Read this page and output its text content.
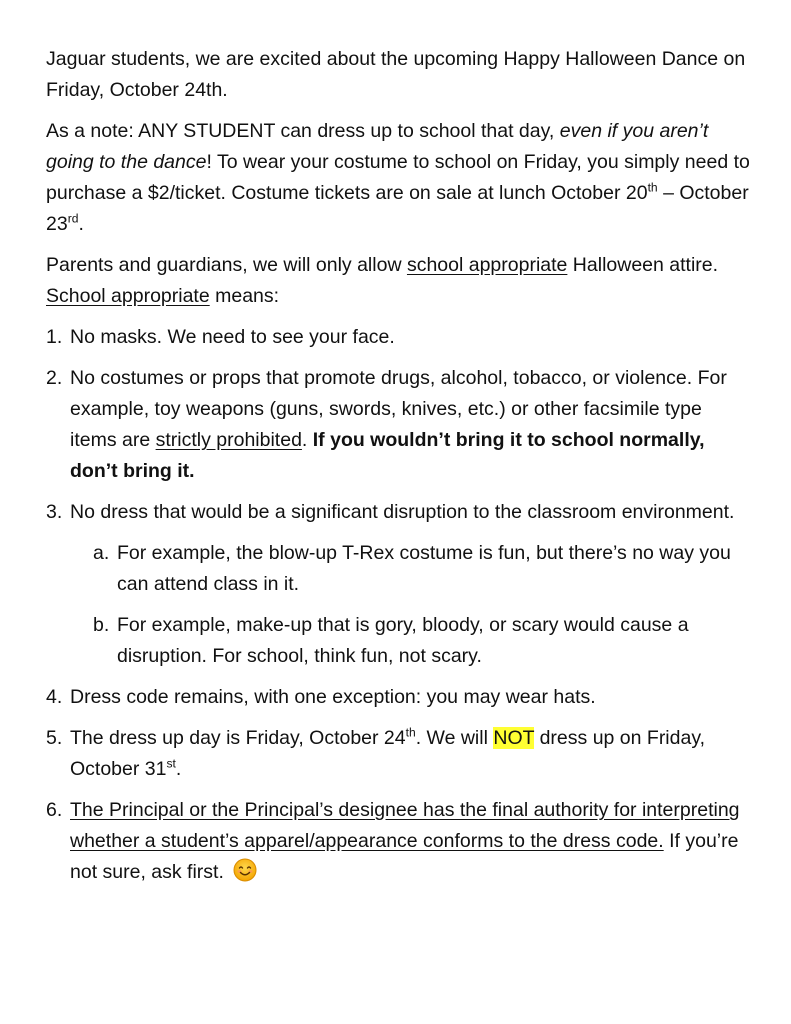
Jaguar students, we are excited about the upcoming Happy Halloween Dance on Friday, October 24th.

As a note: ANY STUDENT can dress up to school that day, even if you aren’t going to the dance! To wear your costume to school on Friday, you simply need to purchase a $2/ticket. Costume tickets are on sale at lunch October 20th – October 23rd.

Parents and guardians, we will only allow school appropriate Halloween attire. School appropriate means:

1. No masks. We need to see your face.
2. No costumes or props that promote drugs, alcohol, tobacco, or violence. For example, toy weapons (guns, swords, knives, etc.) or other facsimile type items are strictly prohibited. If you wouldn’t bring it to school normally, don’t bring it.
3. No dress that would be a significant disruption to the classroom environment.
a. For example, the blow-up T-Rex costume is fun, but there’s no way you can attend class in it.
b. For example, make-up that is gory, bloody, or scary would cause a disruption. For school, think fun, not scary.
4. Dress code remains, with one exception: you may wear hats.
5. The dress up day is Friday, October 24th. We will NOT dress up on Friday, October 31st.
6. The Principal or the Principal’s designee has the final authority for interpreting whether a student’s apparel/appearance conforms to the dress code. If you’re not sure, ask first.
